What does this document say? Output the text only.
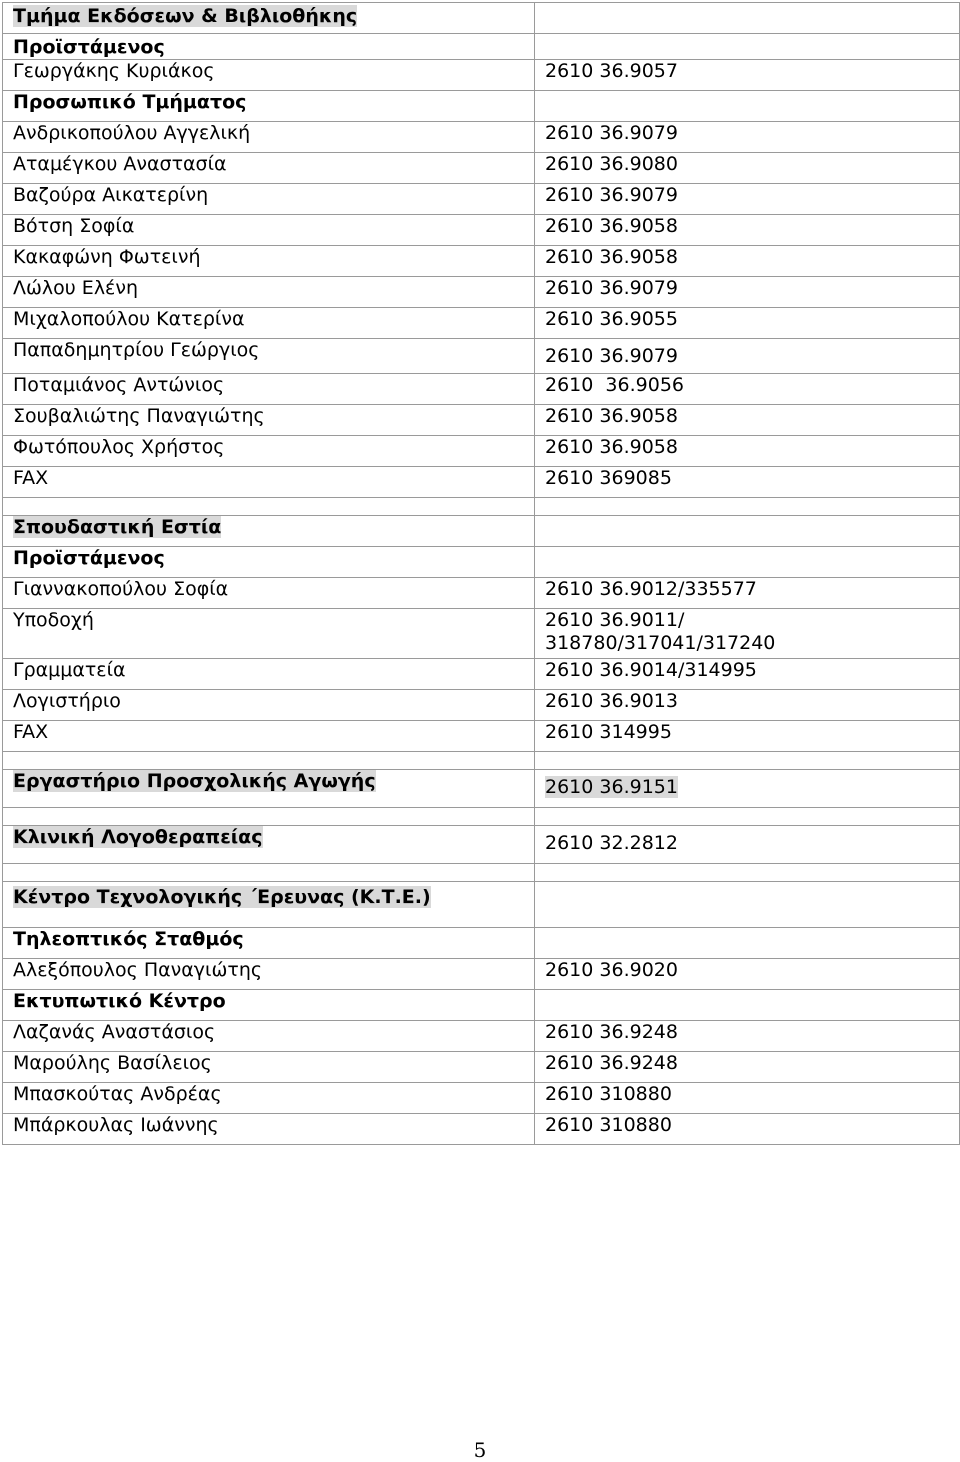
Τμήμα Εκδόσεων & Βιβλιοθήκης	
Προϊστάμενος	
Γεωργάκης Κυριάκος	2610 36.9057
Προσωπικό Τμήματος	
Ανδρικοπούλου Αγγελική	2610 36.9079
Αταμέγκου Αναστασία	2610 36.9080
Βαζούρα Αικατερίνη	2610 36.9079
Βότση Σοφία	2610 36.9058
Κακαφώνη Φωτεινή	2610 36.9058
Λώλου Ελένη	2610 36.9079
Μιχαλοπούλου Κατερίνα	2610 36.9055
Παπαδημητρίου Γεώργιος	2610 36.9079
Ποταμιάνος Αντώνιος	2610  36.9056
Σουβαλιώτης Παναγιώτης	2610 36.9058
Φωτόπουλος Χρήστος	2610 36.9058
FAX	2610 369085

Σπουδαστική Εστία	
Προϊστάμενος	
Γιαννακοπούλου Σοφία	2610 36.9012/335577
Υποδοχή	2610 36.9011/
318780/317041/317240

Γραμματεία	2610 36.9014/314995
Λογιστήριο	2610 36.9013
FAX	2610 314995

Εργαστήριο Προσχολικής Αγωγής	2610 36.9151

Κλινική Λογοθεραπείας	2610 32.2812

Κέντρο Τεχνολογικής ΄Ερευνας (Κ.Τ.Ε.)	
Τηλεοπτικός Σταθμός	
Αλεξόπουλος Παναγιώτης	2610 36.9020
Εκτυπωτικό Κέντρο	
Λαζανάς Αναστάσιος	2610 36.9248
Μαρούλης Βασίλειος	2610 36.9248
Μπασκούτας Ανδρέας	2610 310880
Μπάρκουλας Ιωάννης	2610 310880
5
